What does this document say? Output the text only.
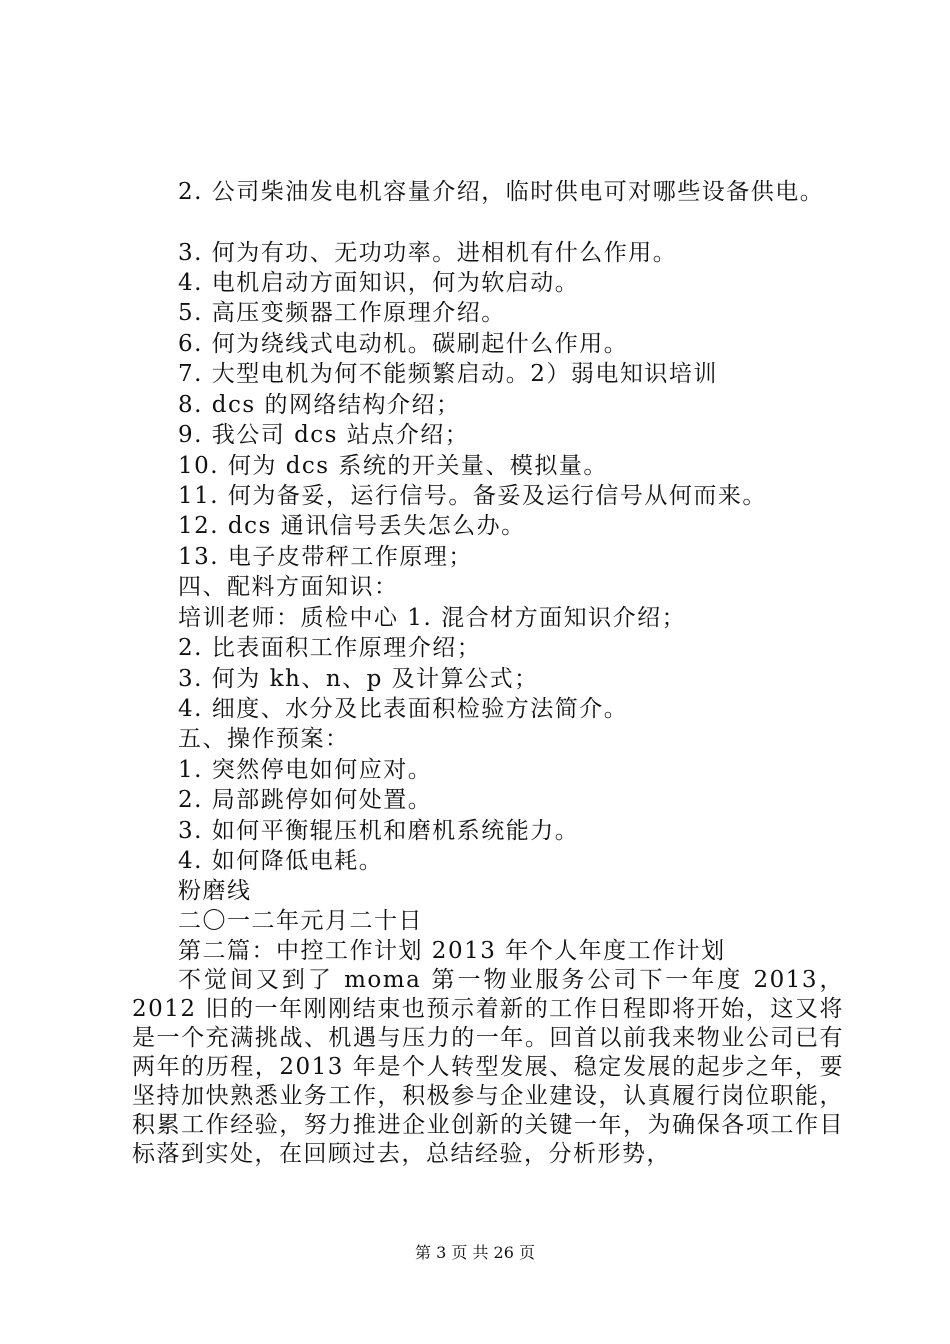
2. 公司柴油发电机容量介绍，临时供电可对哪些设备供电。
3. 何为有功、无功功率。进相机有什么作用。
4. 电机启动方面知识，何为软启动。
5. 高压变频器工作原理介绍。
6. 何为绕线式电动机。碳刷起什么作用。
7. 大型电机为何不能频繁启动。2）弱电知识培训
8. dcs 的网络结构介绍；
9. 我公司 dcs 站点介绍；
10. 何为 dcs 系统的开关量、模拟量。
11. 何为备妥，运行信号。备妥及运行信号从何而来。
12. dcs 通讯信号丢失怎么办。
13. 电子皮带秤工作原理；
四、配料方面知识：
培训老师：质检中心 1. 混合材方面知识介绍；
2. 比表面积工作原理介绍；
3. 何为 kh、n、p 及计算公式；
4. 细度、水分及比表面积检验方法简介。
五、操作预案：
1. 突然停电如何应对。
2. 局部跳停如何处置。
3. 如何平衡辊压机和磨机系统能力。
4. 如何降低电耗。
粉磨线
二〇一二年元月二十日
第二篇：中控工作计划 2013 年个人年度工作计划
不觉间又到了 moma 第一物业服务公司下一年度 2013，2012 旧的一年刚刚结束也预示着新的工作日程即将开始，这又将是一个充满挑战、机遇与压力的一年。回首以前我来物业公司已有两年的历程，2013 年是个人转型发展、稳定发展的起步之年，要坚持加快熟悉业务工作，积极参与企业建设，认真履行岗位职能，积累工作经验，努力推进企业创新的关键一年，为确保各项工作目标落到实处，在回顾过去，总结经验，分析形势，
第 3 页 共 26 页
